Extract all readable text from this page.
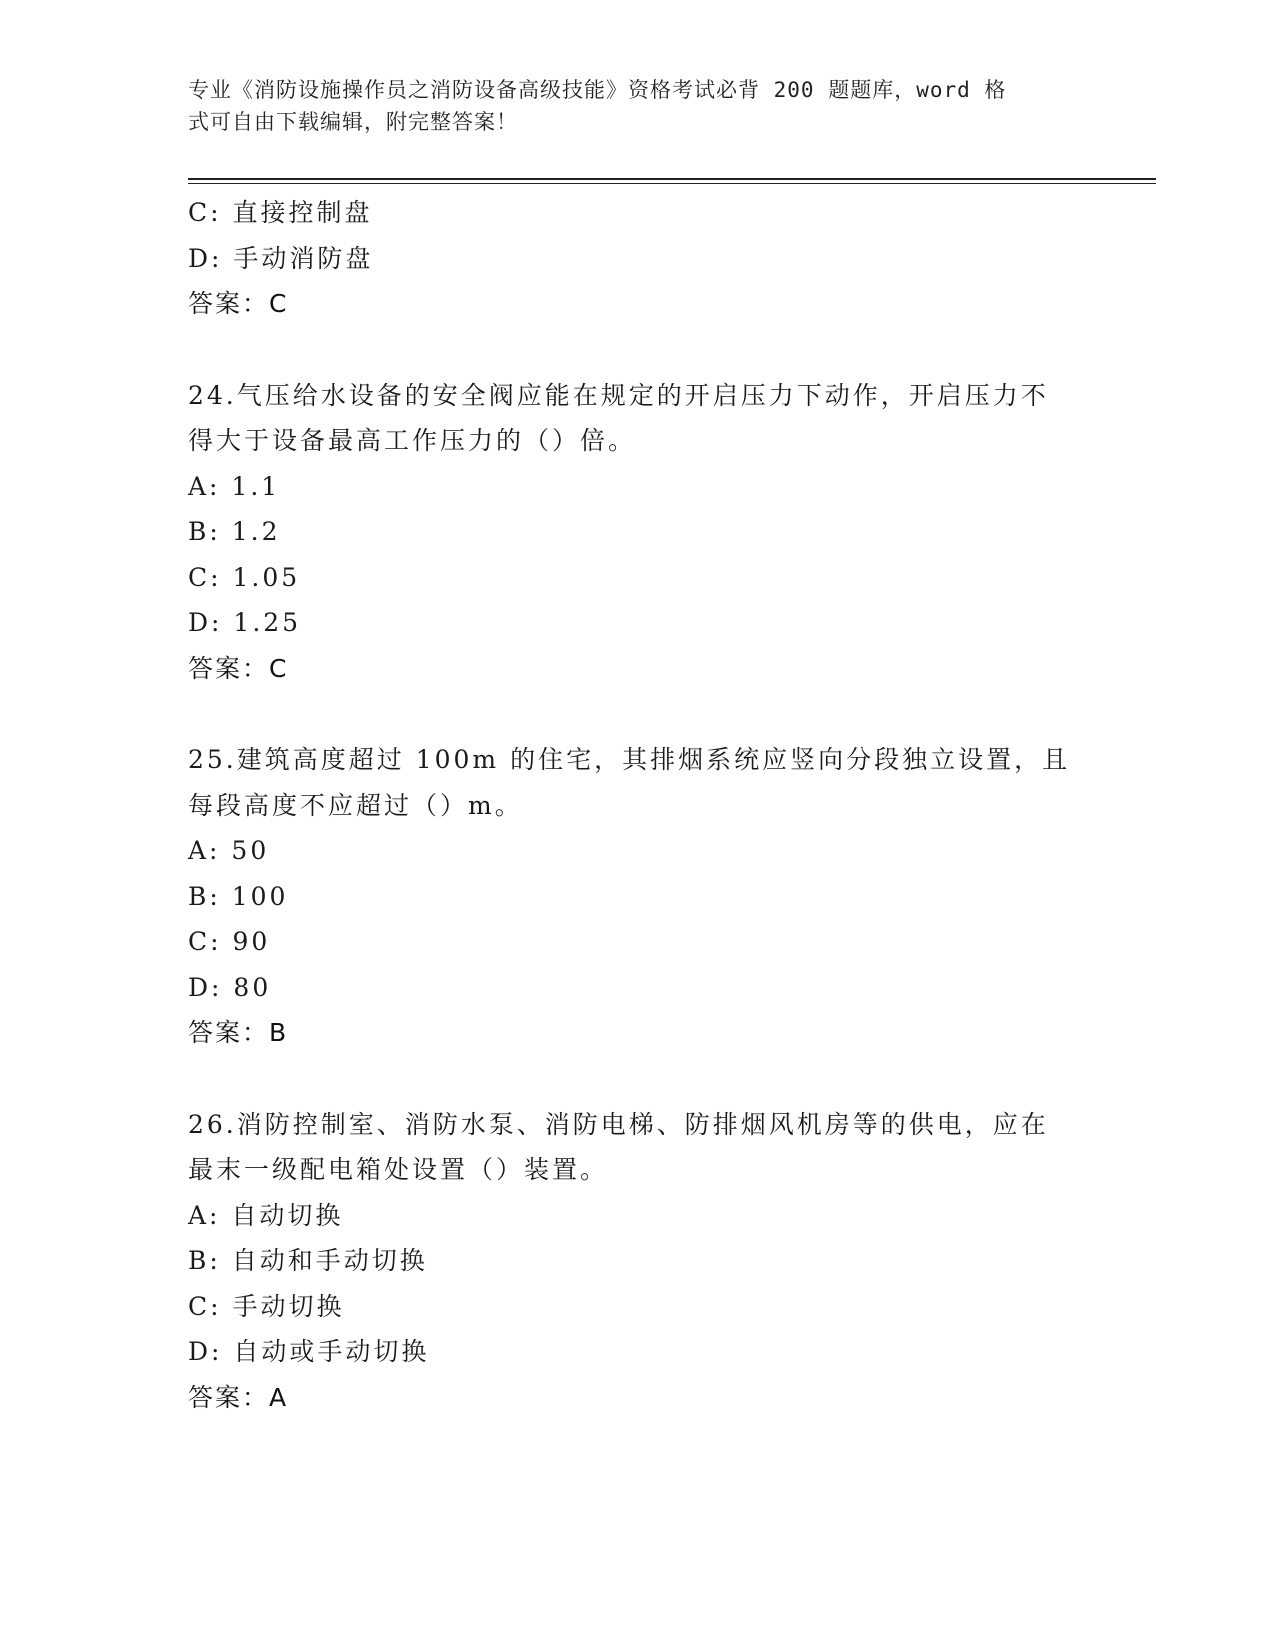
专业《消防设施操作员之消防设备高级技能》资格考试必背 200 题题库，word 格
式可自由下载编辑，附完整答案！
C: 直接控制盘
D: 手动消防盘
答案：C
24.气压给水设备的安全阀应能在规定的开启压力下动作，开启压力不
得大于设备最高工作压力的（）倍。
A: 1.1
B: 1.2
C: 1.05
D: 1.25
答案：C
25.建筑高度超过 100m 的住宅，其排烟系统应竖向分段独立设置，且
每段高度不应超过（）m。
A: 50
B: 100
C: 90
D: 80
答案：B
26.消防控制室、消防水泵、消防电梯、防排烟风机房等的供电，应在
最末一级配电箱处设置（）装置。
A: 自动切换
B: 自动和手动切换
C: 手动切换
D: 自动或手动切换
答案：A
